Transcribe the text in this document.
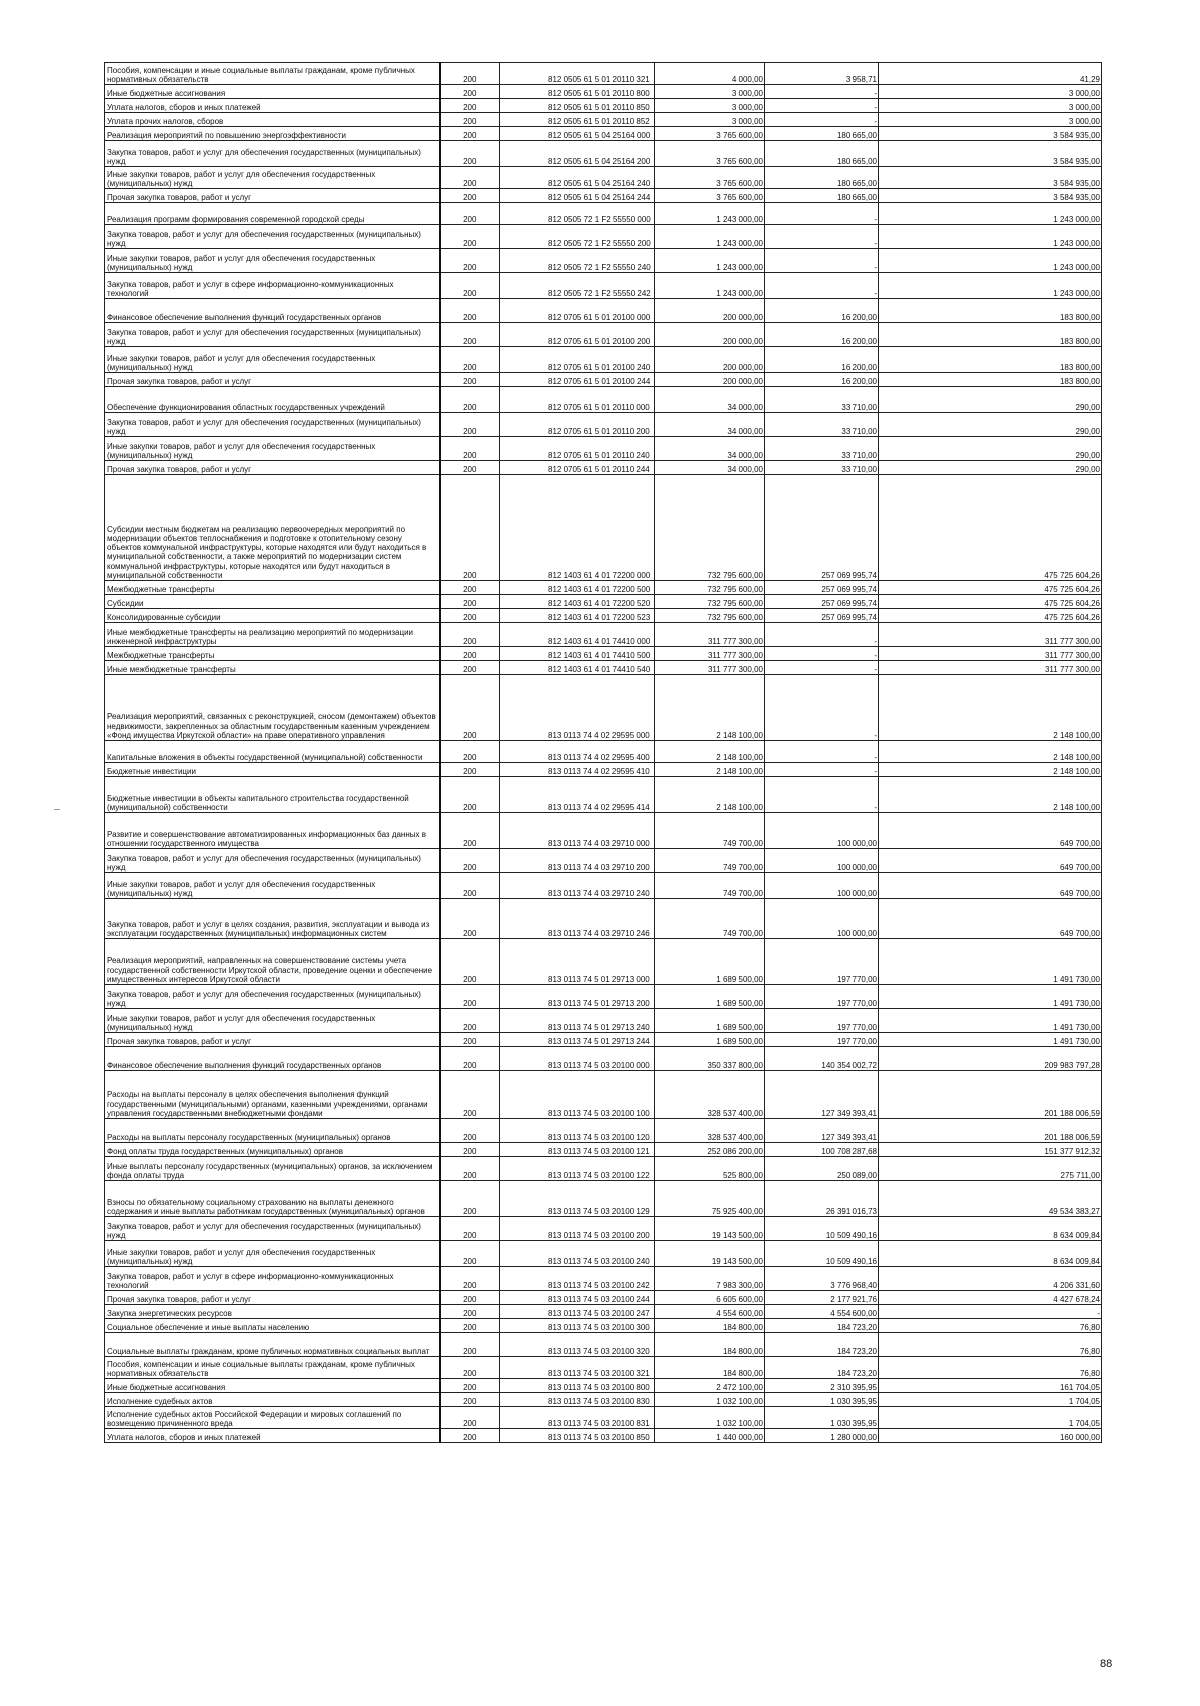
Пособия, компенсации и иные социальные выплаты гражданам, кроме публичных нормативных обязательств	200	812 0505 61 5 01 20110 321	4 000,00	3 958,71	41,29
Иные бюджетные ассигнования	200	812 0505 61 5 01 20110 800	3 000,00	-	3 000,00
Уплата налогов, сборов и иных платежей	200	812 0505 61 5 01 20110 850	3 000,00	-	3 000,00
Уплата прочих налогов, сборов	200	812 0505 61 5 01 20110 852	3 000,00	-	3 000,00
Реализация мероприятий по повышению энергоэффективности	200	812 0505 61 5 04 25164 000	3 765 600,00	180 665,00	3 584 935,00
Закупка товаров, работ и услуг для обеспечения государственных (муниципальных) нужд	200	812 0505 61 5 04 25164 200	3 765 600,00	180 665,00	3 584 935,00
Иные закупки товаров, работ и услуг для обеспечения государственных (муниципальных) нужд	200	812 0505 61 5 04 25164 240	3 765 600,00	180 665,00	3 584 935,00
Прочая закупка товаров, работ и услуг	200	812 0505 61 5 04 25164 244	3 765 600,00	180 665,00	3 584 935,00
Реализация программ формирования современной городской среды	200	812 0505 72 1 F2 55550 000	1 243 000,00	-	1 243 000,00
Закупка товаров, работ и услуг для обеспечения государственных (муниципальных) нужд	200	812 0505 72 1 F2 55550 200	1 243 000,00	-	1 243 000,00
Иные закупки товаров, работ и услуг для обеспечения государственных (муниципальных) нужд	200	812 0505 72 1 F2 55550 240	1 243 000,00	-	1 243 000,00
Закупка товаров, работ и услуг в сфере информационно-коммуникационных технологий	200	812 0505 72 1 F2 55550 242	1 243 000,00	-	1 243 000,00
Финансовое обеспечение выполнения функций государственных органов	200	812 0705 61 5 01 20100 000	200 000,00	16 200,00	183 800,00
Закупка товаров, работ и услуг для обеспечения государственных (муниципальных) нужд	200	812 0705 61 5 01 20100 200	200 000,00	16 200,00	183 800,00
Иные закупки товаров, работ и услуг для обеспечения государственных (муниципальных) нужд	200	812 0705 61 5 01 20100 240	200 000,00	16 200,00	183 800,00
Прочая закупка товаров, работ и услуг	200	812 0705 61 5 01 20100 244	200 000,00	16 200,00	183 800,00
Обеспечение функционирования областных государственных учреждений	200	812 0705 61 5 01 20110 000	34 000,00	33 710,00	290,00
Закупка товаров, работ и услуг для обеспечения государственных (муниципальных) нужд	200	812 0705 61 5 01 20110 200	34 000,00	33 710,00	290,00
Иные закупки товаров, работ и услуг для обеспечения государственных (муниципальных) нужд	200	812 0705 61 5 01 20110 240	34 000,00	33 710,00	290,00
Прочая закупка товаров, работ и услуг	200	812 0705 61 5 01 20110 244	34 000,00	33 710,00	290,00
Субсидии местным бюджетам на реализацию первоочередных мероприятий по модернизации объектов теплоснабжения и подготовке к отопительному сезону объектов коммунальной инфраструктуры, которые находятся или будут находиться в муниципальной собственности, а также мероприятий по модернизации систем коммунальной инфраструктуры, которые находятся или будут находиться в муниципальной собственности	200	812 1403 61 4 01 72200 000	732 795 600,00	257 069 995,74	475 725 604,26
Межбюджетные трансферты	200	812 1403 61 4 01 72200 500	732 795 600,00	257 069 995,74	475 725 604,26
Субсидии	200	812 1403 61 4 01 72200 520	732 795 600,00	257 069 995,74	475 725 604,26
Консолидированные субсидии	200	812 1403 61 4 01 72200 523	732 795 600,00	257 069 995,74	475 725 604,26
Иные межбюджетные трансферты на реализацию мероприятий по модернизации инженерной инфраструктуры	200	812 1403 61 4 01 74410 000	311 777 300,00	-	311 777 300,00
Межбюджетные трансферты	200	812 1403 61 4 01 74410 500	311 777 300,00	-	311 777 300,00
Иные межбюджетные трансферты	200	812 1403 61 4 01 74410 540	311 777 300,00	-	311 777 300,00
Реализация мероприятий, связанных с реконструкцией, сносом (демонтажем) объектов недвижимости, закрепленных за областным государственным казенным учреждением «Фонд имущества Иркутской области» на праве оперативного управления	200	813 0113 74 4 02 29595 000	2 148 100,00	-	2 148 100,00
Капитальные вложения в объекты государственной (муниципальной) собственности	200	813 0113 74 4 02 29595 400	2 148 100,00	-	2 148 100,00
Бюджетные инвестиции	200	813 0113 74 4 02 29595 410	2 148 100,00	-	2 148 100,00
Бюджетные инвестиции в объекты капитального строительства государственной (муниципальной) собственности	200	813 0113 74 4 02 29595 414	2 148 100,00	-	2 148 100,00
Развитие и совершенствование автоматизированных информационных баз данных в отношении государственного имущества	200	813 0113 74 4 03 29710 000	749 700,00	100 000,00	649 700,00
Закупка товаров, работ и услуг для обеспечения государственных (муниципальных) нужд	200	813 0113 74 4 03 29710 200	749 700,00	100 000,00	649 700,00
Иные закупки товаров, работ и услуг для обеспечения государственных (муниципальных) нужд	200	813 0113 74 4 03 29710 240	749 700,00	100 000,00	649 700,00
Закупка товаров, работ и услуг в целях создания, развития, эксплуатации и вывода из эксплуатации государственных (муниципальных) информационных систем	200	813 0113 74 4 03 29710 246	749 700,00	100 000,00	649 700,00
Реализация мероприятий, направленных на совершенствование системы учета государственной собственности Иркутской области, проведение оценки и обеспечение имущественных интересов Иркутской области	200	813 0113 74 5 01 29713 000	1 689 500,00	197 770,00	1 491 730,00
Закупка товаров, работ и услуг для обеспечения государственных (муниципальных) нужд	200	813 0113 74 5 01 29713 200	1 689 500,00	197 770,00	1 491 730,00
Иные закупки товаров, работ и услуг для обеспечения государственных (муниципальных) нужд	200	813 0113 74 5 01 29713 240	1 689 500,00	197 770,00	1 491 730,00
Прочая закупка товаров, работ и услуг	200	813 0113 74 5 01 29713 244	1 689 500,00	197 770,00	1 491 730,00
Финансовое обеспечение выполнения функций государственных органов	200	813 0113 74 5 03 20100 000	350 337 800,00	140 354 002,72	209 983 797,28
Расходы на выплаты персоналу в целях обеспечения выполнения функций государственными (муниципальными) органами, казенными учреждениями, органами управления государственными внебюджетными фондами	200	813 0113 74 5 03 20100 100	328 537 400,00	127 349 393,41	201 188 006,59
Расходы на выплаты персоналу государственных (муниципальных) органов	200	813 0113 74 5 03 20100 120	328 537 400,00	127 349 393,41	201 188 006,59
Фонд оплаты труда государственных (муниципальных) органов	200	813 0113 74 5 03 20100 121	252 086 200,00	100 708 287,68	151 377 912,32
Иные выплаты персоналу государственных (муниципальных) органов, за исключением фонда оплаты труда	200	813 0113 74 5 03 20100 122	525 800,00	250 089,00	275 711,00
Взносы по обязательному социальному страхованию на выплаты денежного содержания и иные выплаты работникам государственных (муниципальных) органов	200	813 0113 74 5 03 20100 129	75 925 400,00	26 391 016,73	49 534 383,27
Закупка товаров, работ и услуг для обеспечения государственных (муниципальных) нужд	200	813 0113 74 5 03 20100 200	19 143 500,00	10 509 490,16	8 634 009,84
Иные закупки товаров, работ и услуг для обеспечения государственных (муниципальных) нужд	200	813 0113 74 5 03 20100 240	19 143 500,00	10 509 490,16	8 634 009,84
Закупка товаров, работ и услуг в сфере информационно-коммуникационных технологий	200	813 0113 74 5 03 20100 242	7 983 300,00	3 776 968,40	4 206 331,60
Прочая закупка товаров, работ и услуг	200	813 0113 74 5 03 20100 244	6 605 600,00	2 177 921,76	4 427 678,24
Закупка энергетических ресурсов	200	813 0113 74 5 03 20100 247	4 554 600,00	4 554 600,00	-
Социальное обеспечение и иные выплаты населению	200	813 0113 74 5 03 20100 300	184 800,00	184 723,20	76,80
Социальные выплаты гражданам, кроме публичных нормативных социальных выплат	200	813 0113 74 5 03 20100 320	184 800,00	184 723,20	76,80
Пособия, компенсации и иные социальные выплаты гражданам, кроме публичных нормативных обязательств	200	813 0113 74 5 03 20100 321	184 800,00	184 723,20	76,80
Иные бюджетные ассигнования	200	813 0113 74 5 03 20100 800	2 472 100,00	2 310 395,95	161 704,05
Исполнение судебных актов	200	813 0113 74 5 03 20100 830	1 032 100,00	1 030 395,95	1 704,05
Исполнение судебных актов Российской Федерации и мировых соглашений по возмещению причиненного вреда	200	813 0113 74 5 03 20100 831	1 032 100,00	1 030 395,95	1 704,05
Уплата налогов, сборов и иных платежей	200	813 0113 74 5 03 20100 850	1 440 000,00	1 280 000,00	160 000,00
88
